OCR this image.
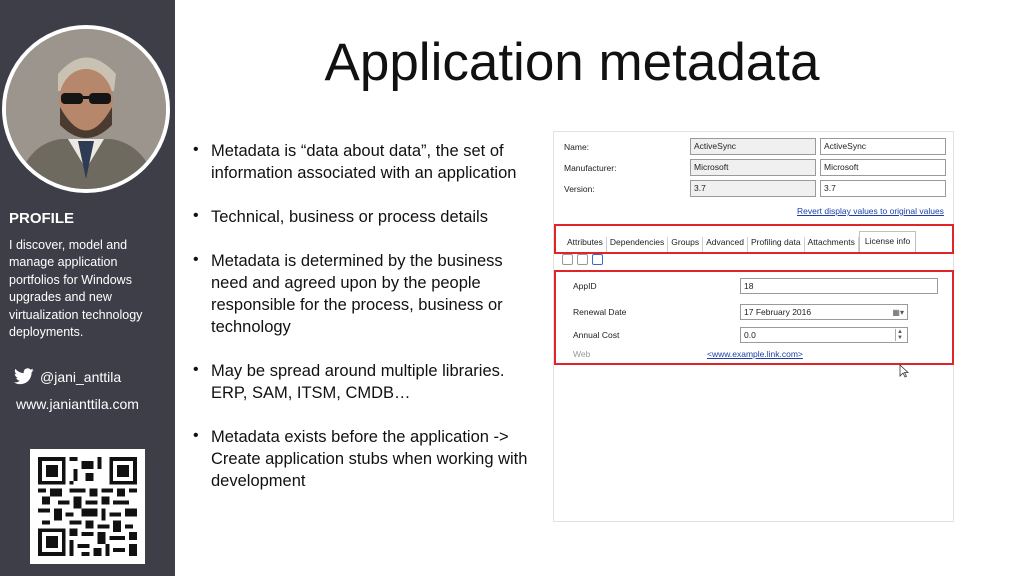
PROFILE
I discover, model and manage application portfolios for Windows upgrades and new virtualization technology deployments.
@jani_anttila
www.janianttila.com
Application metadata
• Metadata is “data about data”, the set of information associated with an application
• Technical, business or process details
• Metadata is determined by the business need and agreed upon by the people responsible for the process, business or technology
• May be spread around multiple libraries. ERP, SAM, ITSM, CMDB…
• Metadata exists before the application -> Create application stubs when working with development
Name:	ActiveSync	ActiveSync
Manufacturer:	Microsoft	Microsoft
Version:	3.7	3.7
Revert display values to original values
Attributes Dependencies Groups Advanced Profiling data Attachments	License info
AppID	18
Renewal Date	17 February 2016	▦▾
Annual Cost	0.0	▲
▼
Web	<www.example.link.com>
